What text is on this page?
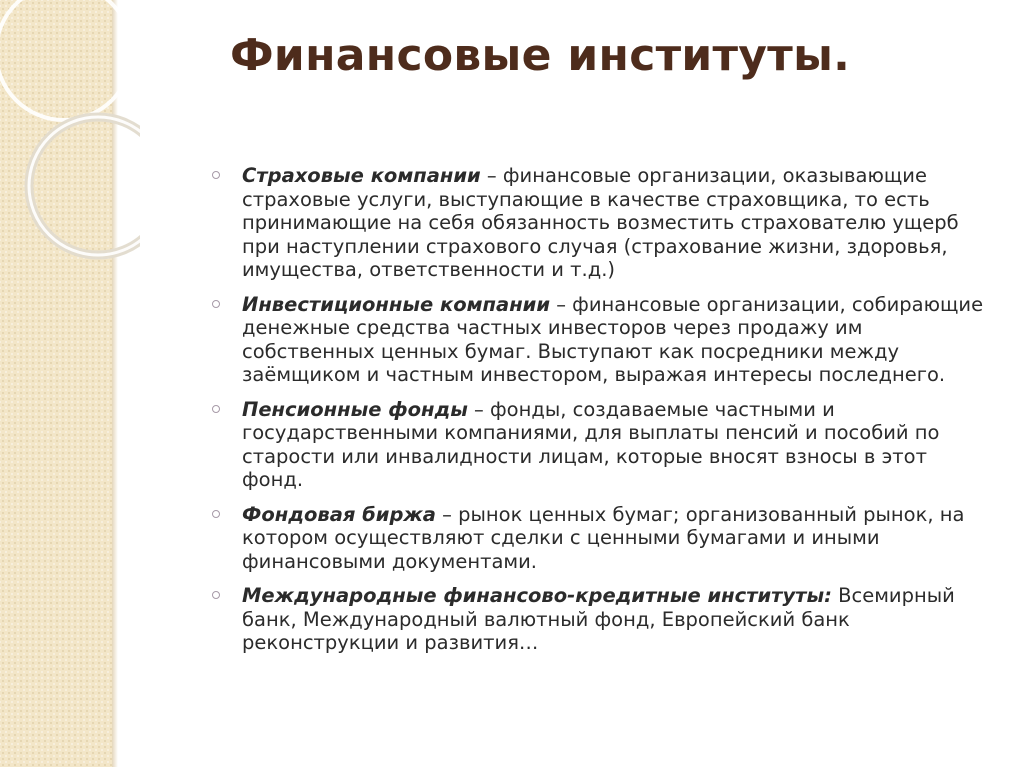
Финансовые институты.
Страховые компании – финансовые организации, оказывающие страховые услуги, выступающие в качестве страховщика, то есть принимающие на себя обязанность возместить страхователю ущерб при наступлении страхового случая (страхование жизни, здоровья, имущества, ответственности и т.д.)
Инвестиционные компании – финансовые организации, собирающие денежные средства частных инвесторов через продажу им собственных ценных бумаг. Выступают как посредники между заёмщиком и частным инвестором, выражая интересы последнего.
Пенсионные фонды – фонды, создаваемые частными и государственными компаниями, для выплаты пенсий и пособий по старости или инвалидности лицам, которые вносят взносы в этот фонд.
Фондовая биржа – рынок ценных бумаг; организованный рынок, на котором осуществляют сделки с ценными бумагами и иными финансовыми документами.
Международные финансово-кредитные институты: Всемирный банк, Международный валютный фонд, Европейский банк реконструкции и развития…
